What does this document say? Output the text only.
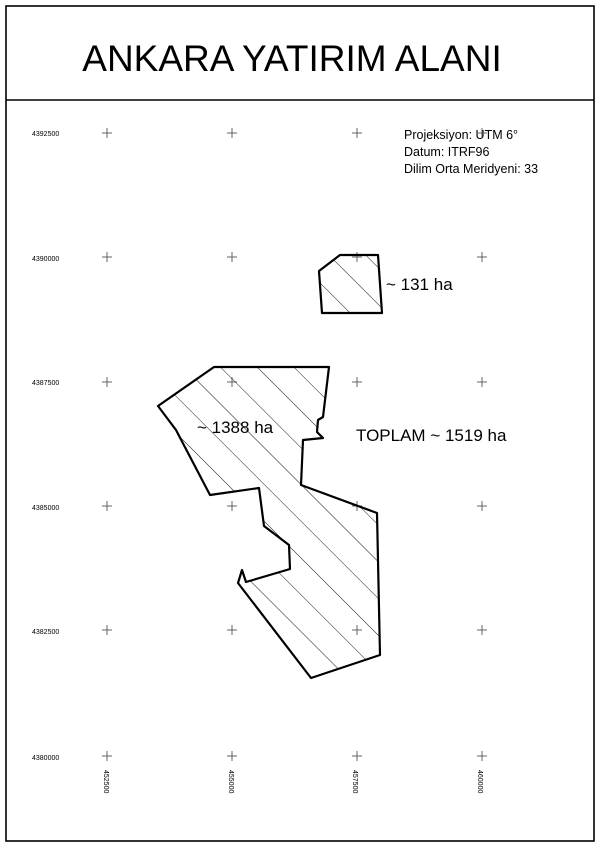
ANKARA YATIRIM ALANI
Projeksiyon: UTM 6°
Datum: ITRF96
Dilim Orta Meridyeni: 33
4392500
4390000
4387500
4385000
4382500
4380000
452500	455000	457500	460000
~ 131 ha
~ 1388 ha	TOPLAM ~ 1519 ha
